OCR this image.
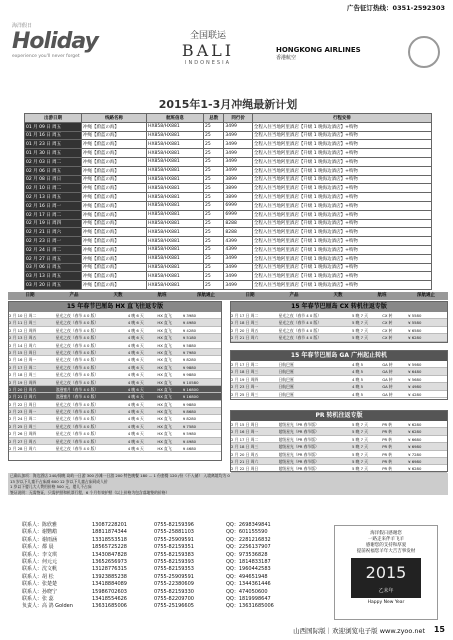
广告征订热线：0351-2592303
海洋假日
Holiday
experience you'll never forget
全国联运
BALI
INDONESIA
HONGKONG AIRLINES
香港航空
2015年1-3月冲绳最新计划
出游日期	线路名称	航班信息	总数	同行价	行程安排
01 月 09 日 周五	冲绳【蔚蓝の海】	HX858/HX881	25	3499	全程入住当地阿里酒店【升级 1 晚海边酒店】+购物
01 月 16 日 周五	冲绳【蔚蓝の海】	HX858/HX881	25	3499	全程入住当地阿里酒店【升级 1 晚海边酒店】+购物
01 月 23 日 周五	冲绳【蔚蓝の海】	HX858/HX881	25	3499	全程入住当地阿里酒店【升级 1 晚海边酒店】+购物
01 月 30 日 周五	冲绳【蔚蓝の海】	HX858/HX881	25	3499	全程入住当地阿里酒店【升级 1 晚海边酒店】+购物
02 月 03 日 周二	冲绳【蔚蓝の海】	HX858/HX881	25	3499	全程入住当地阿里酒店【升级 1 晚海边酒店】+购物
02 月 06 日 周五	冲绳【蔚蓝の海】	HX858/HX881	25	3499	全程入住当地阿里酒店【升级 1 晚海边酒店】+购物
02 月 08 日 周日	冲绳【蔚蓝の海】	HX858/HX881	25	3899	全程入住当地阿里酒店【升级 1 晚海边酒店】+购物
02 月 10 日 周二	冲绳【蔚蓝の海】	HX858/HX881	25	3899	全程入住当地阿里酒店【升级 1 晚海边酒店】+购物
02 月 13 日 周五	冲绳【蔚蓝の海】	HX858/HX881	25	3899	全程入住当地阿里酒店【升级 1 晚海边酒店】+购物
02 月 16 日 周一	冲绳【蔚蓝の海】	HX858/HX881	25	6999	全程入住当地阿里酒店【升级 1 晚海边酒店】+购物
02 月 17 日 周二	冲绳【蔚蓝の海】	HX858/HX881	25	6999	全程入住当地阿里酒店【升级 1 晚海边酒店】+购物
02 月 19 日 周四	冲绳【蔚蓝の海】	HX858/HX881	25	8288	全程入住当地阿里酒店【升级 1 晚海边酒店】+购物
02 月 21 日 周六	冲绳【蔚蓝の海】	HX858/HX881	25	8288	全程入住当地阿里酒店【升级 1 晚海边酒店】+购物
02 月 23 日 周一	冲绳【蔚蓝の海】	HX858/HX881	25	4399	全程入住当地阿里酒店【升级 1 晚海边酒店】+购物
02 月 24 日 周二	冲绳【蔚蓝の海】	HX858/HX881	25	4399	全程入住当地阿里酒店【升级 1 晚海边酒店】+购物
02 月 27 日 周五	冲绳【蔚蓝の海】	HX858/HX881	25	3499	全程入住当地阿里酒店【升级 1 晚海边酒店】+购物
03 月 06 日 周五	冲绳【蔚蓝の海】	HX858/HX881	25	3499	全程入住当地阿里酒店【升级 1 晚海边酒店】+购物
03 月 13 日 周五	冲绳【蔚蓝の海】	HX858/HX881	25	3499	全程入住当地阿里酒店【升级 1 晚海边酒店】+购物
03 月 20 日 周五	冲绳【蔚蓝の海】	HX858/HX881	25	3499	全程入住当地阿里酒店【升级 1 晚海边酒店】+购物
日期	产品	天数	航班	深航通止	日期	产品	天数	航班	深航通止
15 年春节巴厘岛 HX 直飞往返专版
2 月 10 日 周二	星光之夜（春节 4 0 版）	4 晚 6 天	HX 直飞	¥ 3980
2 月 11 日 周三	星光之夜（春节 4 0 版）	4 晚 6 天	HX 直飞	¥ 4980
2 月 12 日 周四	星光之夜（春节 4 0 版）	4 晚 6 天	HX 直飞	¥ 4280
2 月 13 日 周五	星光之夜（春节 4 0 版）	4 晚 6 天	HX 直飞	¥ 5180
2 月 14 日 周六	星光之夜（春节 4 0 版）	4 晚 6 天	HX 直飞	¥ 5880
2 月 15 日 周日	星光之夜（春节 4 0 版）	4 晚 6 天	HX 直飞	¥ 7980
2 月 16 日 周一	星光之夜（春节 4 0 版）	4 晚 6 天	HX 直飞	¥ 8280
2 月 17 日 周二	星光之夜（春节 4 0 版）	4 晚 6 天	HX 直飞	¥ 9880
2 月 18 日 周三	星光之夜（春节 4 0 版）	4 晚 6 天	HX 直飞	¥ 9880
2 月 19 日 周四	星光之夜（春节 4 0 版）	4 晚 6 天	HX 直飞	¥ 10580
2 月 20 日 周五	浪漫蜜月（春节 4 0 版）	4 晚 6 天	HX 直飞	¥ 16800
2 月 21 日 周六	浪漫蜜月（春节 4 0 版）	4 晚 6 天	HX 直飞	¥ 16800
2 月 22 日 周日	星光之夜（春节 4 0 版）	4 晚 6 天	HX 直飞	¥ 9880
2 月 23 日 周一	星光之夜（春节 4 0 版）	4 晚 6 天	HX 直飞	¥ 8680
2 月 24 日 周二	星光之夜（春节 4 0 版）	4 晚 6 天	HX 直飞	¥ 8280
2 月 25 日 周三	星光之夜（春节 4 0 版）	4 晚 6 天	HX 直飞	¥ 7580
2 月 26 日 周四	星光之夜（春节 4 0 版）	4 晚 6 天	HX 直飞	¥ 5980
2 月 27 日 周五	星光之夜（春节 4 0 版）	4 晚 6 天	HX 直飞	¥ 4980
2 月 28 日 周六	星光之夜（春节 4 0 版）	4 晚 6 天	HX 直飞	¥ 4680
15 年春节巴厘岛 CX 转机往返专版
2 月 17 日 周二	星光之夜（春节 4 0 版）	5 晚 7 天	CX 转	¥ 5580
2 月 18 日 周三	星光之夜（春节 4 0 版）	5 晚 7 天	CX 转	¥ 5580
2 月 20 日 周五	星光之夜（春节 4 0 版）	5 晚 7 天	CX 转	¥ 6580
2 月 21 日 周六	星光之夜（春节 4 0 版）	5 晚 7 天	CX 转	¥ 6280
15 年春节巴厘岛 GA 广州起止转机
2 月 17 日 周二	日航巴厘	4 晚 5	GA 转	¥ 5980
2 月 18 日 周三	日航巴厘	4 晚 5	GA 转	¥ 6480
2 月 19 日 周四	日航巴厘	4 晚 5	GA 转	¥ 5680
2 月 23 日 周一	日航巴厘	4 晚 5	GA 转	¥ 4980
2 月 25 日 周三	日航巴厘	4 晚 5	GA 转	¥ 4280
PR 转机往返专版
2 月 15 日 周日	超级星光（PR 春节版）	5 晚 7 天	PR 转	¥ 6280
2 月 16 日 周一	超级星光（PR 春节版）	5 晚 7 天	PR 转	¥ 6280
2 月 17 日 周二	超级星光（PR 春节版）	5 晚 7 天	PR 转	¥ 6680
2 月 18 日 周三	超级星光（PR 春节版）	5 晚 7 天	PR 转	¥ 6980
2 月 20 日 周五	超级星光（PR 春节版）	5 晚 7 天	PR 转	¥ 7280
2 月 21 日 周六	超级星光（PR 春节版）	5 晚 7 天	PR 转	¥ 6980
2 月 22 日 周日	超级星光（PR 春节版）	5 晚 7 天	PR 转	¥ 6280
已确认加项：海边酒店 240/间晚 岛屿一日游 300 沙滩一日游 200 特色晚餐 180 ... 1 份套餐 120 /份（不入储） 入境离境均为 0
13 岁以下儿童不占床减 600 12 岁以下儿童占床同成人价
1 岁以下婴儿大人费用价格 500 元，婴儿不占床
签证说明：无需签证，只需护照和机票行程，6 个月有效护照（以上价格为包含落地签的价格）
联系人：陈欣雅	13087228201	0755-82159396	QQ：2698349841
联系人：谢鹦鹉	18811874344	0755-25881103	QQ：601155590
联系人：谢雨涵	13318553518	0755-25909591	QQ：2281216832
联系人：都 晨	18565725228	0755-82159351	QQ：2256137907
联系人：李文琪	13430847828	0755-82159383	QQ：973536828
联系人：何元元	13652656973	0755-82159393	QQ：1814833187
联系人：沈文帆	13128776315	0755-82159353	QQ：1960442583
联系人：胡 松	13923885238	0755-25909591	QQ：494651948
联系人：张楚楚	13418884089	0755-22380609	QQ：1344361446
联系人：孙晓宁	15986702603	0755-82159330	QQ：474050600
联系人：张 蕊	13418554626	0755-82209700	QQ：1819998647
负责人：高 鸽 Golden	13631685006	0755-25196605	QQ：13631685006
海洋假日感谢您
一路走来伴羊飞羊
感谢您的支持和厚爱
提前祝福您羊年大吉吉事发财
2015
乙未年
Happy New Year
山西国际版｜欢迎浏览电子版 www.zyoo.net 15
